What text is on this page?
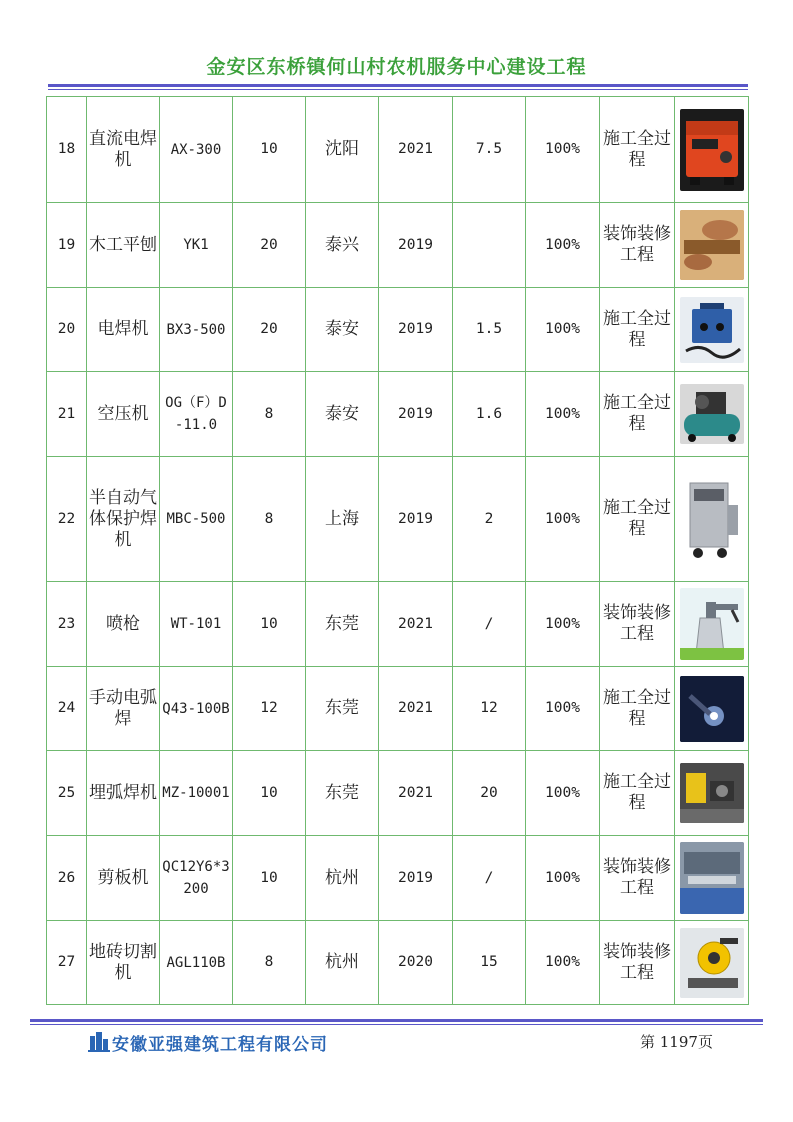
金安区东桥镇何山村农机服务中心建设工程
18	直流电焊机	AX-300	10	沈阳	2021	7.5	100%	施工全过程	

19	木工平刨	YK1	20	泰兴	2019		100%	装饰装修工程	

20	电焊机	BX3-500	20	泰安	2019	1.5	100%	施工全过程	

21	空压机	OG（F）D-11.0	8	泰安	2019	1.6	100%	施工全过程	

22	半自动气体保护焊机	MBC-500	8	上海	2019	2	100%	施工全过程	

23	喷枪	WT-101	10	东莞	2021	/	100%	装饰装修工程	

24	手动电弧焊	Q43-100B	12	东莞	2021	12	100%	施工全过程	

25	埋弧焊机	MZ-10001	10	东莞	2021	20	100%	施工全过程	

26	剪板机	QC12Y6*3200	10	杭州	2019	/	100%	装饰装修工程	

27	地砖切割机	AGL110B	8	杭州	2020	15	100%	装饰装修工程	
安徽亚强建筑工程有限公司	第 1197页
